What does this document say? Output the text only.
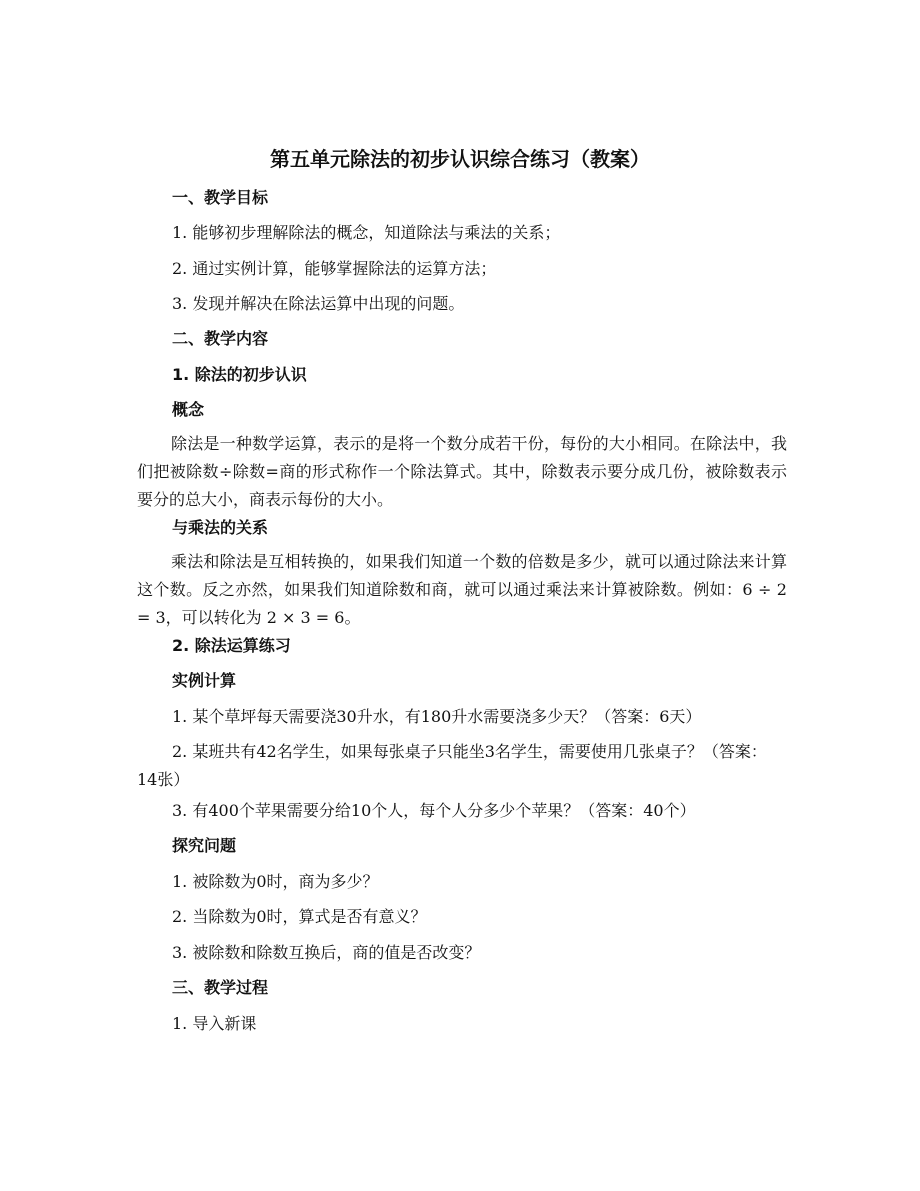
第五单元除法的初步认识综合练习（教案）
一、教学目标
1. 能够初步理解除法的概念，知道除法与乘法的关系；
2. 通过实例计算，能够掌握除法的运算方法；
3. 发现并解决在除法运算中出现的问题。
二、教学内容
1. 除法的初步认识
概念
除法是一种数学运算，表示的是将一个数分成若干份，每份的大小相同。在除法中，我们把被除数÷除数=商的形式称作一个除法算式。其中，除数表示要分成几份，被除数表示要分的总大小，商表示每份的大小。
与乘法的关系
乘法和除法是互相转换的，如果我们知道一个数的倍数是多少，就可以通过除法来计算这个数。反之亦然，如果我们知道除数和商，就可以通过乘法来计算被除数。例如：6 ÷ 2 = 3，可以转化为 2 × 3 = 6。
2. 除法运算练习
实例计算
1. 某个草坪每天需要浇30升水，有180升水需要浇多少天？（答案：6天）
2. 某班共有42名学生，如果每张桌子只能坐3名学生，需要使用几张桌子？（答案：14张）
3. 有400个苹果需要分给10个人，每个人分多少个苹果？（答案：40个）
探究问题
1. 被除数为0时，商为多少？
2. 当除数为0时，算式是否有意义？
3. 被除数和除数互换后，商的值是否改变？
三、教学过程
1. 导入新课
